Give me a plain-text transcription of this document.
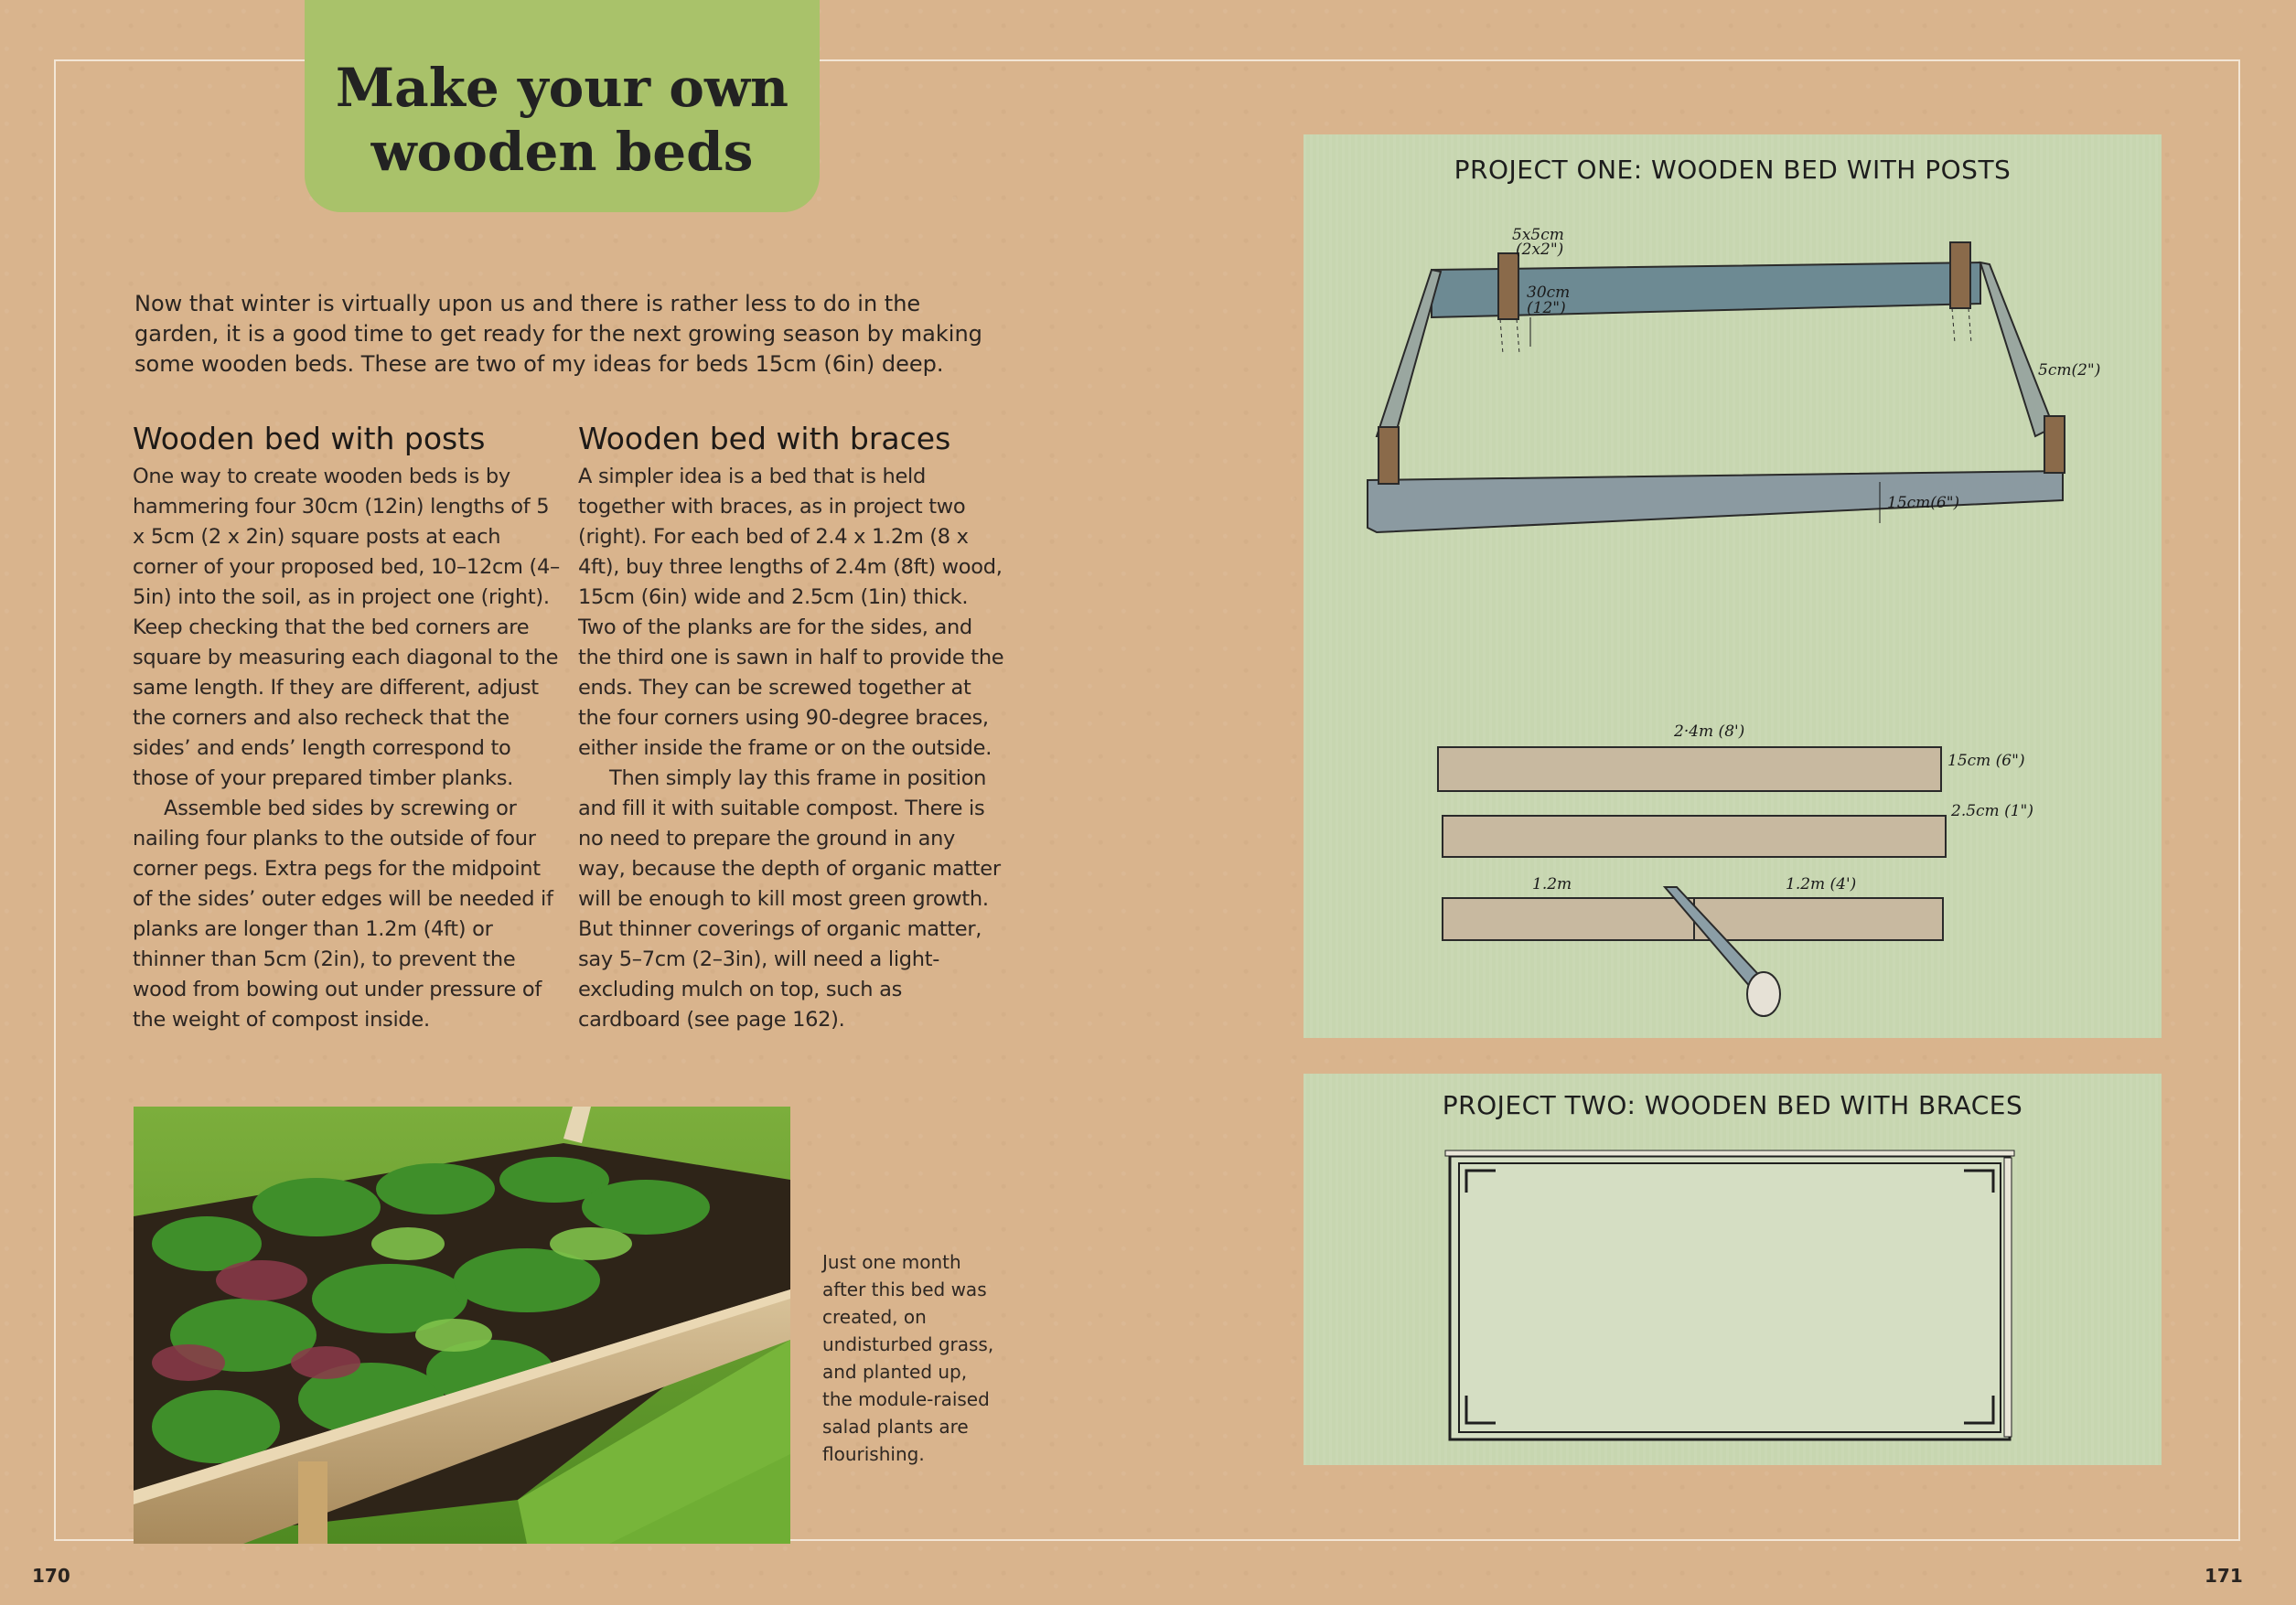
Make your own
wooden beds

Now that winter is virtually upon us and there is rather less to do in the garden, it is a good time to get ready for the next growing season by making some wooden beds. These are two of my ideas for beds 15cm (6in) deep.

Wooden bed with posts

One way to create wooden beds is by hammering four 30cm (12in) lengths of 5 x 5cm (2 x 2in) square posts at each corner of your proposed bed, 10–12cm (4–5in) into the soil, as in project one (right). Keep checking that the bed corners are square by measuring each diagonal to the same length. If they are different, adjust the corners and also recheck that the sides’ and ends’ length correspond to those of your prepared timber planks.

Assemble bed sides by screwing or nailing four planks to the outside of four corner pegs. Extra pegs for the midpoint of the sides’ outer edges will be needed if planks are longer than 1.2m (4ft) or thinner than 5cm (2in), to prevent the wood from bowing out under pressure of the weight of compost inside.

Wooden bed with braces

A simpler idea is a bed that is held together with braces, as in project two (right). For each bed of 2.4 x 1.2m (8 x 4ft), buy three lengths of 2.4m (8ft) wood, 15cm (6in) wide and 2.5cm (1in) thick. Two of the planks are for the sides, and the third one is sawn in half to provide the ends. They can be screwed together at the four corners using 90-degree braces, either inside the frame or on the outside.

Then simply lay this frame in position and fill it with suitable compost. There is no need to prepare the ground in any way, because the depth of organic matter will be enough to kill most green growth. But thinner coverings of organic matter, say 5–7cm (2–3in), will need a light-excluding mulch on top, such as cardboard (see page 162).

Just one month after this bed was created, on undisturbed grass, and planted up, the module-raised salad plants are flourishing.

170	171
PROJECT ONE: WOODEN BED WITH POSTS
5x5cm
(2x2")
30cm
(12")
5cm(2")
15cm(6")
2·4m (8')
15cm (6")
2.5cm (1")
1.2m	1.2m (4')
PROJECT TWO: WOODEN BED WITH BRACES
